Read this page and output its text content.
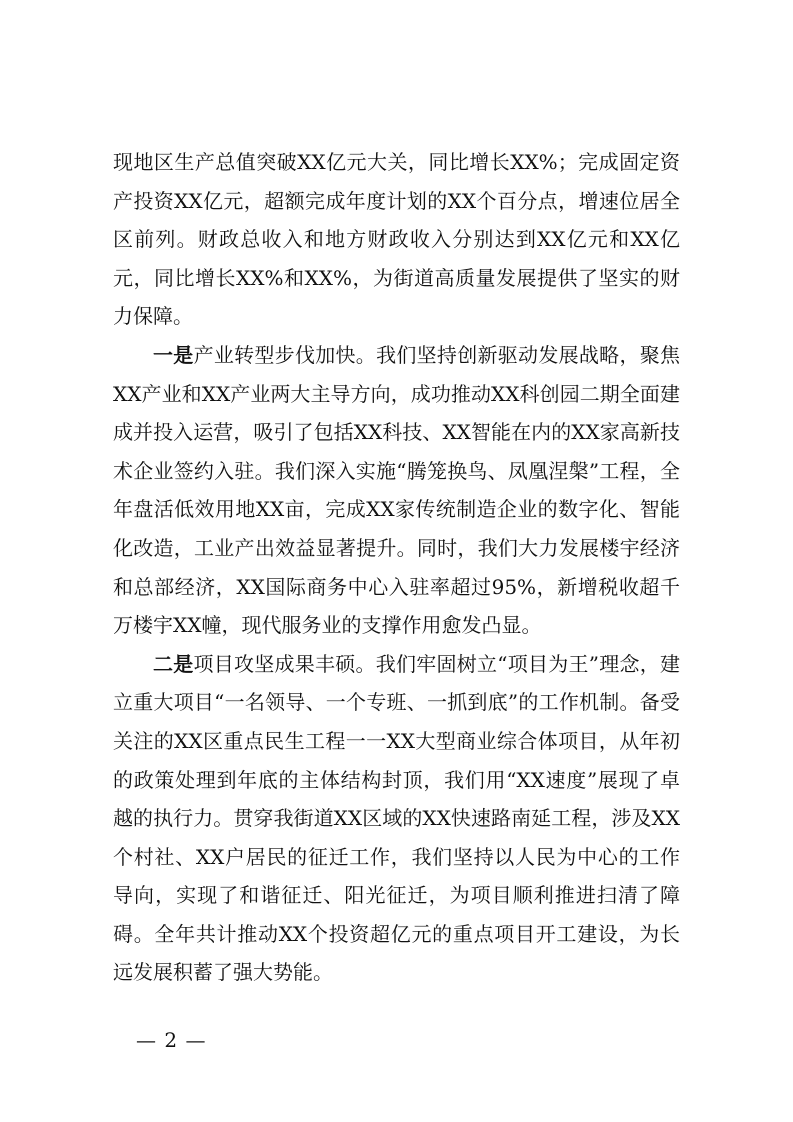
现地区生产总值突破XX亿元大关，同比增长XX%；完成固定资产投资XX亿元，超额完成年度计划的XX个百分点，增速位居全区前列。财政总收入和地方财政收入分别达到XX亿元和XX亿元，同比增长XX%和XX%，为街道高质量发展提供了坚实的财力保障。

一是产业转型步伐加快。我们坚持创新驱动发展战略，聚焦XX产业和XX产业两大主导方向，成功推动XX科创园二期全面建成并投入运营，吸引了包括XX科技、XX智能在内的XX家高新技术企业签约入驻。我们深入实施“腾笼换鸟、凤凰涅槃”工程，全年盘活低效用地XX亩，完成XX家传统制造企业的数字化、智能化改造，工业产出效益显著提升。同时，我们大力发展楼宇经济和总部经济，XX国际商务中心入驻率超过95%，新增税收超千万楼宇XX幢，现代服务业的支撑作用愈发凸显。

二是项目攻坚成果丰硕。我们牢固树立“项目为王”理念，建立重大项目“一名领导、一个专班、一抓到底”的工作机制。备受关注的XX区重点民生工程一一XX大型商业综合体项目，从年初的政策处理到年底的主体结构封顶，我们用“XX速度”展现了卓越的执行力。贯穿我街道XX区域的XX快速路南延工程，涉及XX个村社、XX户居民的征迁工作，我们坚持以人民为中心的工作导向，实现了和谐征迁、阳光征迁，为项目顺利推进扫清了障碍。全年共计推动XX个投资超亿元的重点项目开工建设，为长远发展积蓄了强大势能。

— 2 —
